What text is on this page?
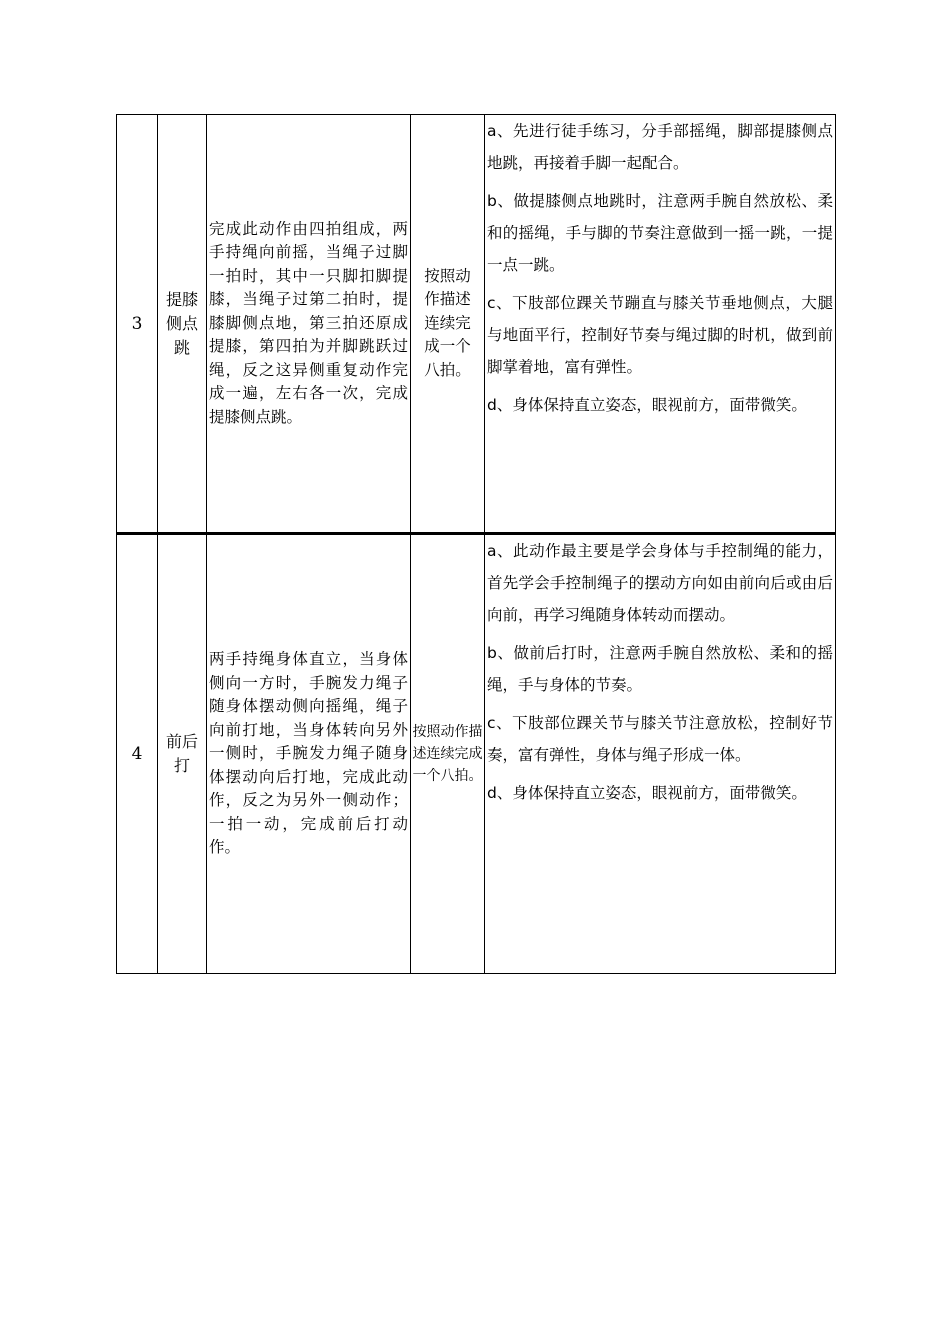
3	提膝侧点跳	完成此动作由四拍组成，两手持绳向前摇，当绳子过脚一拍时，其中一只脚扣脚提膝，当绳子过第二拍时，提膝脚侧点地，第三拍还原成提膝，第四拍为并脚跳跃过绳，反之这异侧重复动作完成一遍，左右各一次，完成提膝侧点跳。	按照动作描述连续完成一个八拍。	a、先进行徒手练习，分手部摇绳，脚部提膝侧点地跳，再接着手脚一起配合。

b、做提膝侧点地跳时，注意两手腕自然放松、柔和的摇绳，手与脚的节奏注意做到一摇一跳，一提一点一跳。

c、下肢部位踝关节蹦直与膝关节垂地侧点，大腿与地面平行，控制好节奏与绳过脚的时机，做到前脚掌着地，富有弹性。

d、身体保持直立姿态，眼视前方，面带微笑。

4	前后打	两手持绳身体直立，当身体侧向一方时，手腕发力绳子随身体摆动侧向摇绳，绳子向前打地，当身体转向另外一侧时，手腕发力绳子随身体摆动向后打地，完成此动作，反之为另外一侧动作；一拍一动，完成前后打动作。	按照动作描述连续完成一个八拍。	a、此动作最主要是学会身体与手控制绳的能力，首先学会手控制绳子的摆动方向如由前向后或由后向前，再学习绳随身体转动而摆动。

b、做前后打时，注意两手腕自然放松、柔和的摇绳，手与身体的节奏。

c、下肢部位踝关节与膝关节注意放松，控制好节奏，富有弹性，身体与绳子形成一体。

d、身体保持直立姿态，眼视前方，面带微笑。
